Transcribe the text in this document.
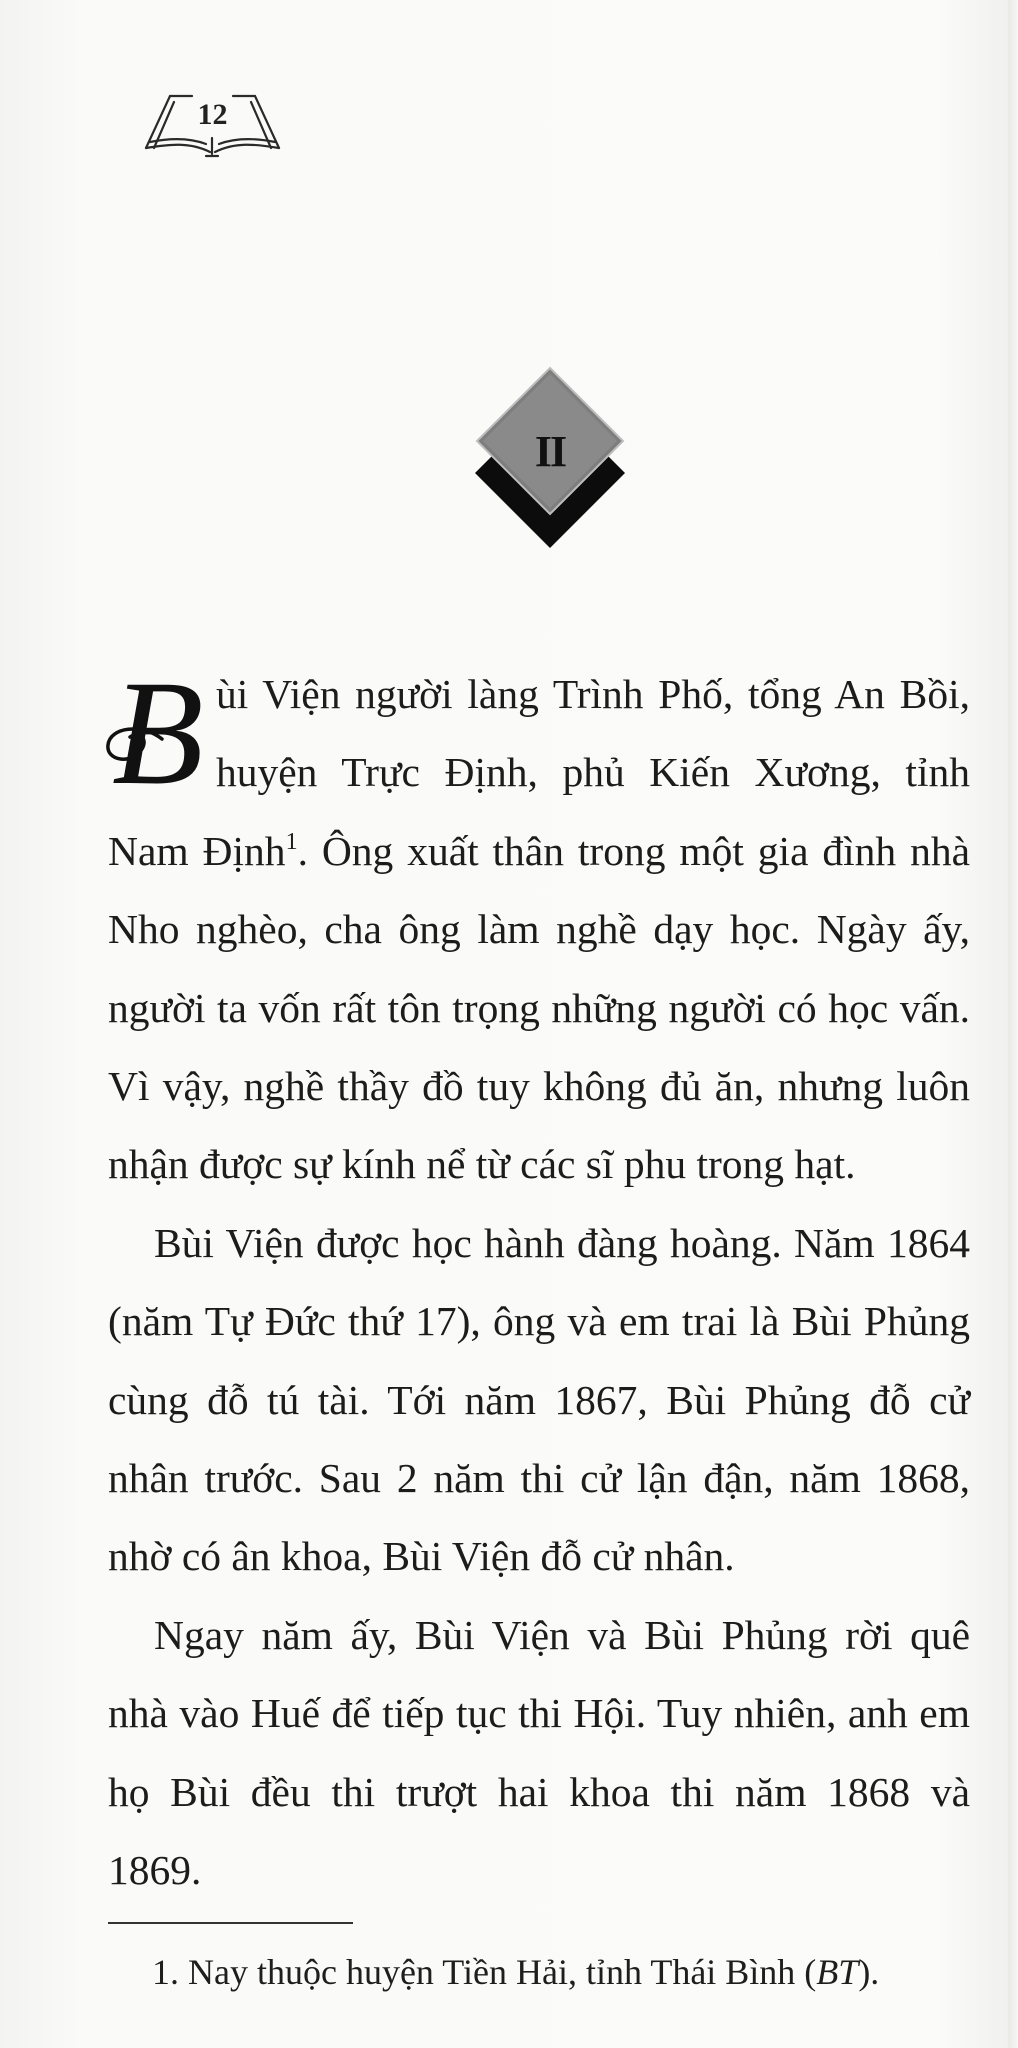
12
II

B ùi Viện người làng Trình Phố, tổng An Bồi, huyện Trực Định, phủ Kiến Xương, tỉnh Nam Định$^1$. Ông xuất thân trong một gia đình nhà Nho nghèo, cha ông làm nghề dạy học. Ngày ấy, người ta vốn rất tôn trọng những người có học vấn. Vì vậy, nghề thầy đồ tuy không đủ ăn, nhưng luôn nhận được sự kính nể từ các sĩ phu trong hạt.

Bùi Viện được học hành đàng hoàng. Năm 1864 (năm Tự Đức thứ 17), ông và em trai là Bùi Phủng cùng đỗ tú tài. Tới năm 1867, Bùi Phủng đỗ cử nhân trước. Sau 2 năm thi cử lận đận, năm 1868, nhờ có ân khoa, Bùi Viện đỗ cử nhân.

Ngay năm ấy, Bùi Viện và Bùi Phủng rời quê nhà vào Huế để tiếp tục thi Hội. Tuy nhiên, anh em họ Bùi đều thi trượt hai khoa thi năm 1868 và 1869.

1. Nay thuộc huyện Tiền Hải, tỉnh Thái Bình (BT).
